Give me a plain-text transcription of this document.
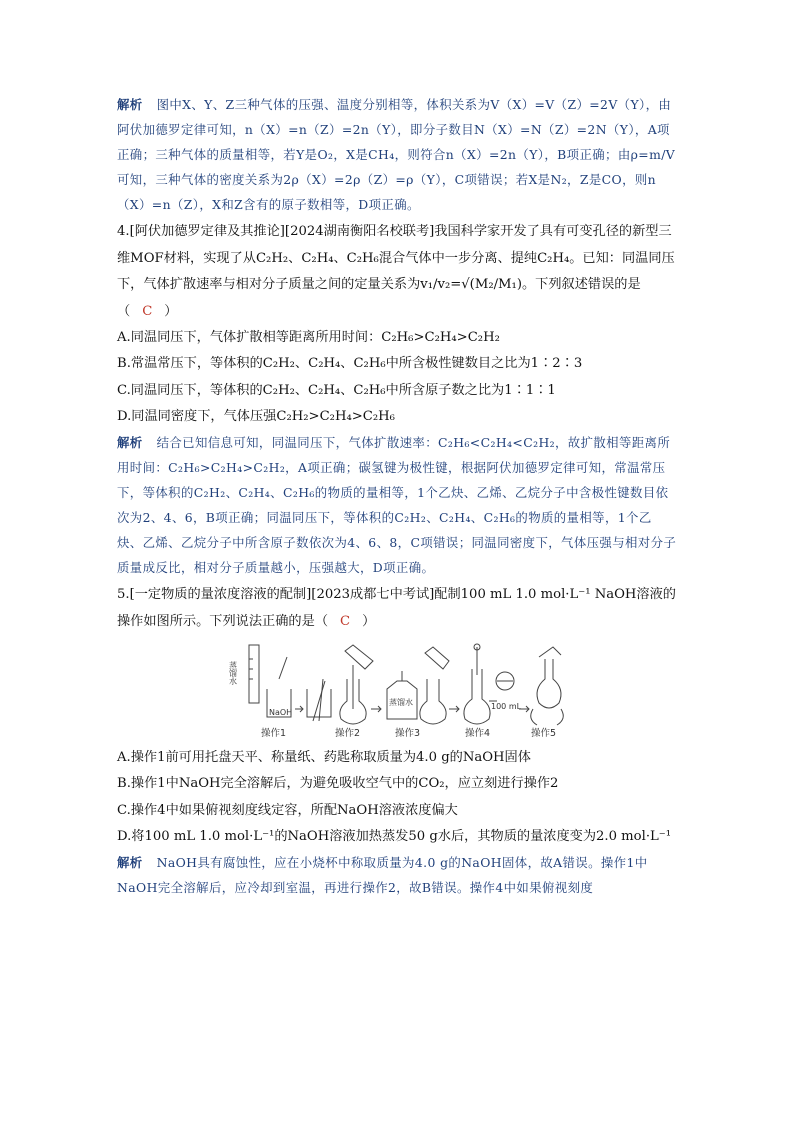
解析 图中X、Y、Z三种气体的压强、温度分别相等，体积关系为V（X）=V（Z）=2V（Y），由阿伏加德罗定律可知，n（X）=n（Z）=2n（Y），即分子数目N（X）=N（Z）=2N（Y），A项正确；三种气体的质量相等，若Y是O₂，X是CH₄，则符合n（X）=2n（Y），B项正确；由ρ=m/V可知，三种气体的密度关系为2ρ（X）=2ρ（Z）=ρ（Y），C项错误；若X是N₂，Z是CO，则n（X）=n（Z），X和Z含有的原子数相等，D项正确。
4.[阿伏加德罗定律及其推论][2024湖南衡阳名校联考]我国科学家开发了具有可变孔径的新型三维MOF材料，实现了从C₂H₂、C₂H₄、C₂H₆混合气体中一步分离、提纯C₂H₄。已知：同温同压下，气体扩散速率与相对分子质量之间的定量关系为v₁/v₂=√(M₂/M₁)。下列叙述错误的是
（ C ）
A.同温同压下，气体扩散相等距离所用时间：C₂H₆>C₂H₄>C₂H₂
B.常温常压下，等体积的C₂H₂、C₂H₄、C₂H₆中所含极性键数目之比为1∶2∶3
C.同温同压下，等体积的C₂H₂、C₂H₄、C₂H₆中所含原子数之比为1∶1∶1
D.同温同密度下，气体压强C₂H₂>C₂H₄>C₂H₆
解析 结合已知信息可知，同温同压下，气体扩散速率：C₂H₆<C₂H₄<C₂H₂，故扩散相等距离所用时间：C₂H₆>C₂H₄>C₂H₂，A项正确；碳氢键为极性键，根据阿伏加德罗定律可知，常温常压下，等体积的C₂H₂、C₂H₄、C₂H₆的物质的量相等，1个乙炔、乙烯、乙烷分子中含极性键数目依次为2、4、6，B项正确；同温同压下，等体积的C₂H₂、C₂H₄、C₂H₆的物质的量相等，1个乙炔、乙烯、乙烷分子中所含原子数依次为4、6、8，C项错误；同温同密度下，气体压强与相对分子质量成反比，相对分子质量越小，压强越大，D项正确。
5.[一定物质的量浓度溶液的配制][2023成都七中考试]配制100 mL 1.0 mol·L⁻¹ NaOH溶液的操作如图所示。下列说法正确的是（ C ）
蒸馏水
NaOH
蒸馏水	100 mL
操作1	操作2	操作3	操作4	操作5
A.操作1前可用托盘天平、称量纸、药匙称取质量为4.0 g的NaOH固体
B.操作1中NaOH完全溶解后，为避免吸收空气中的CO₂，应立刻进行操作2
C.操作4中如果俯视刻度线定容，所配NaOH溶液浓度偏大
D.将100 mL 1.0 mol·L⁻¹的NaOH溶液加热蒸发50 g水后，其物质的量浓度变为2.0 mol·L⁻¹
解析 NaOH具有腐蚀性，应在小烧杯中称取质量为4.0 g的NaOH固体，故A错误。操作1中NaOH完全溶解后，应冷却到室温，再进行操作2，故B错误。操作4中如果俯视刻度
